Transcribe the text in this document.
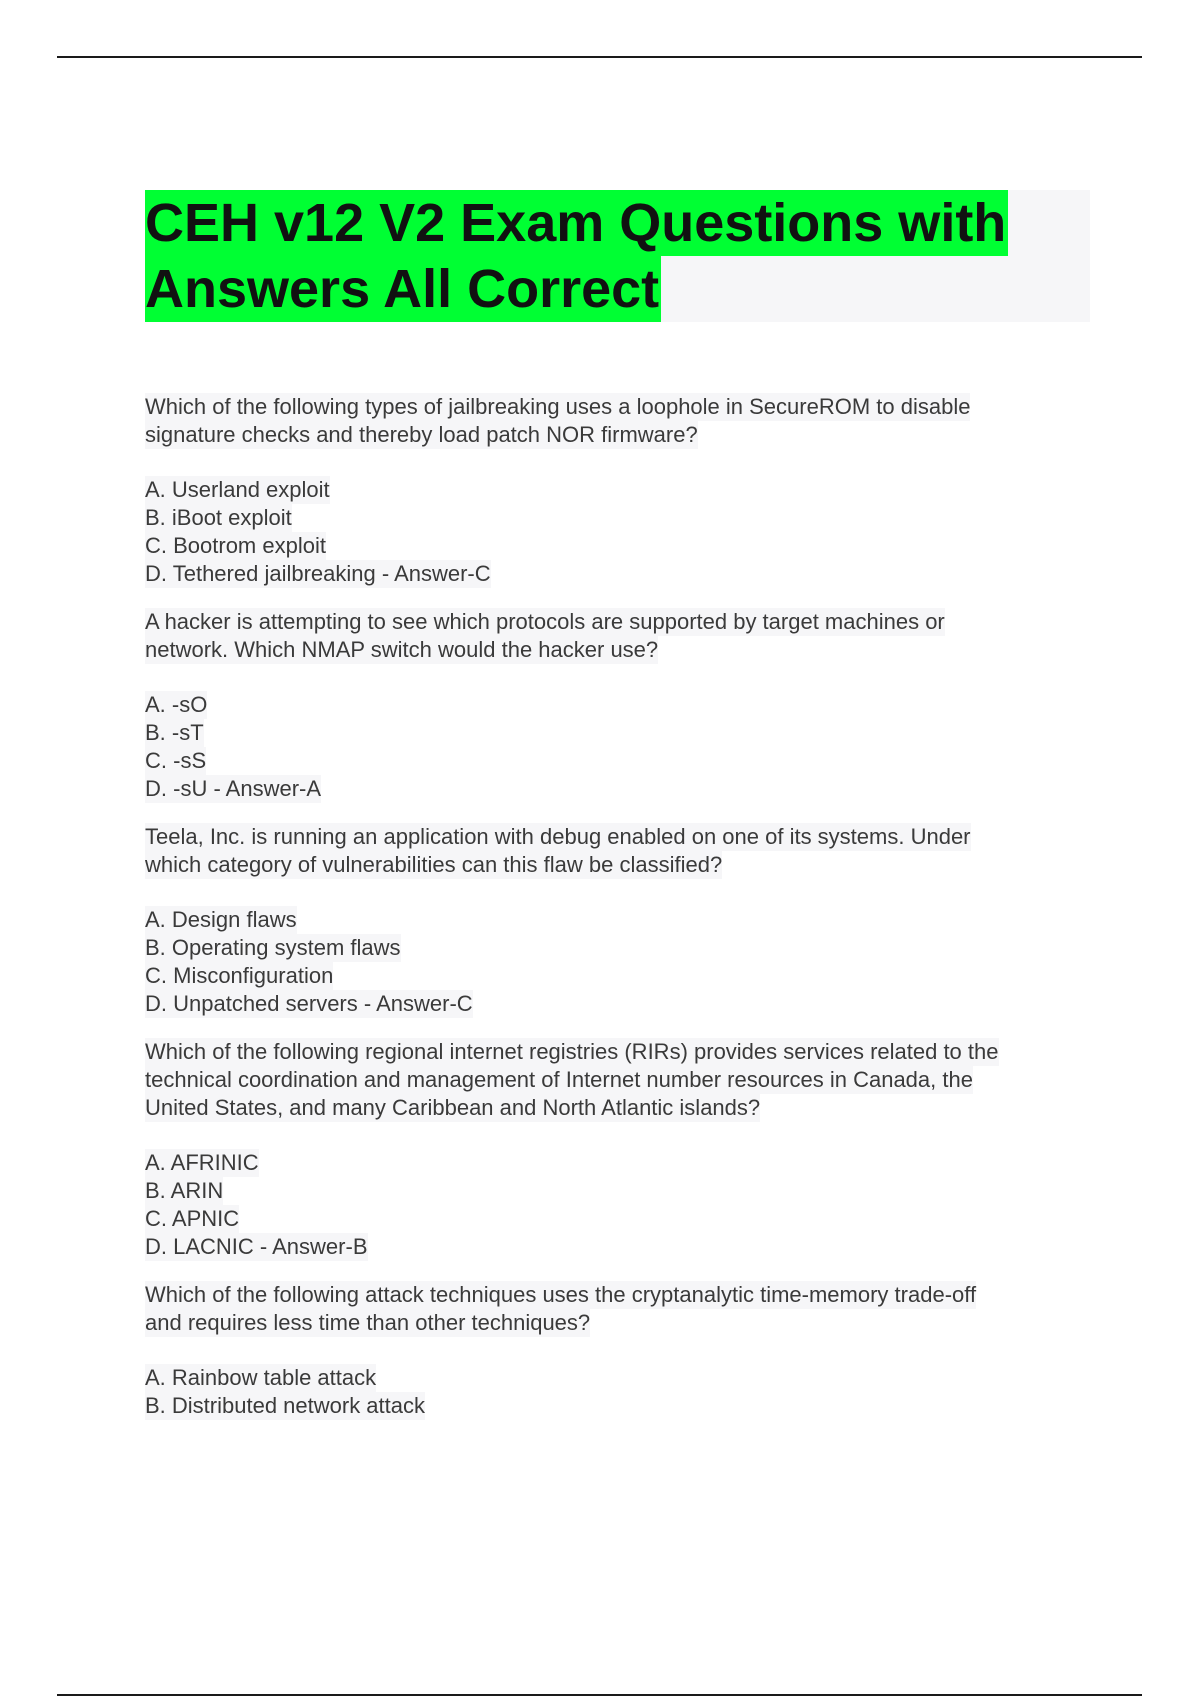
CEH v12 V2 Exam Questions with
Answers All Correct
Which of the following types of jailbreaking uses a loophole in SecureROM to disable
signature checks and thereby load patch NOR firmware?
A. Userland exploit
B. iBoot exploit
C. Bootrom exploit
D. Tethered jailbreaking - Answer-C
A hacker is attempting to see which protocols are supported by target machines or
network. Which NMAP switch would the hacker use?
A. -sO
B. -sT
C. -sS
D. -sU - Answer-A
Teela, Inc. is running an application with debug enabled on one of its systems. Under
which category of vulnerabilities can this flaw be classified?
A. Design flaws
B. Operating system flaws
C. Misconfiguration
D. Unpatched servers - Answer-C
Which of the following regional internet registries (RIRs) provides services related to the
technical coordination and management of Internet number resources in Canada, the
United States, and many Caribbean and North Atlantic islands?
A. AFRINIC
B. ARIN
C. APNIC
D. LACNIC - Answer-B
Which of the following attack techniques uses the cryptanalytic time-memory trade-off
and requires less time than other techniques?
A. Rainbow table attack
B. Distributed network attack
